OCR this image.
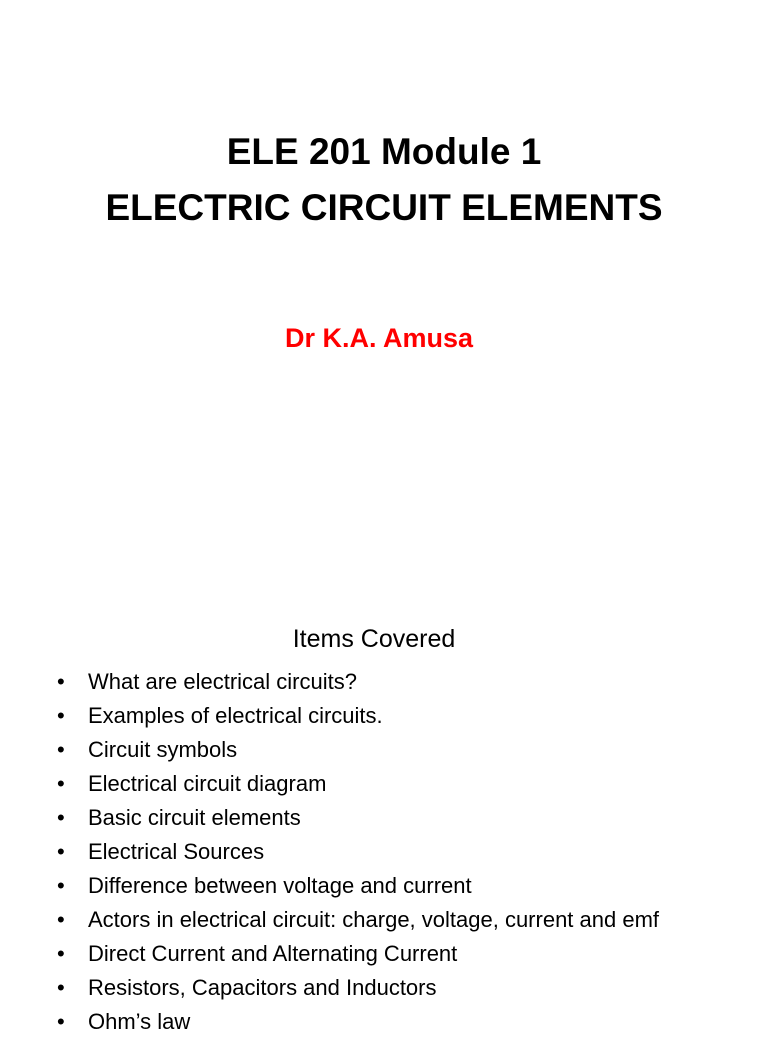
ELE 201 Module 1
ELECTRIC CIRCUIT ELEMENTS
Dr K.A. Amusa
Items Covered
• What are electrical circuits?
• Examples of electrical circuits.
• Circuit symbols
• Electrical circuit diagram
• Basic circuit elements
• Electrical Sources
• Difference between voltage and current
• Actors in electrical circuit: charge, voltage, current and emf
• Direct Current and Alternating Current
• Resistors, Capacitors and Inductors
• Ohm’s law
